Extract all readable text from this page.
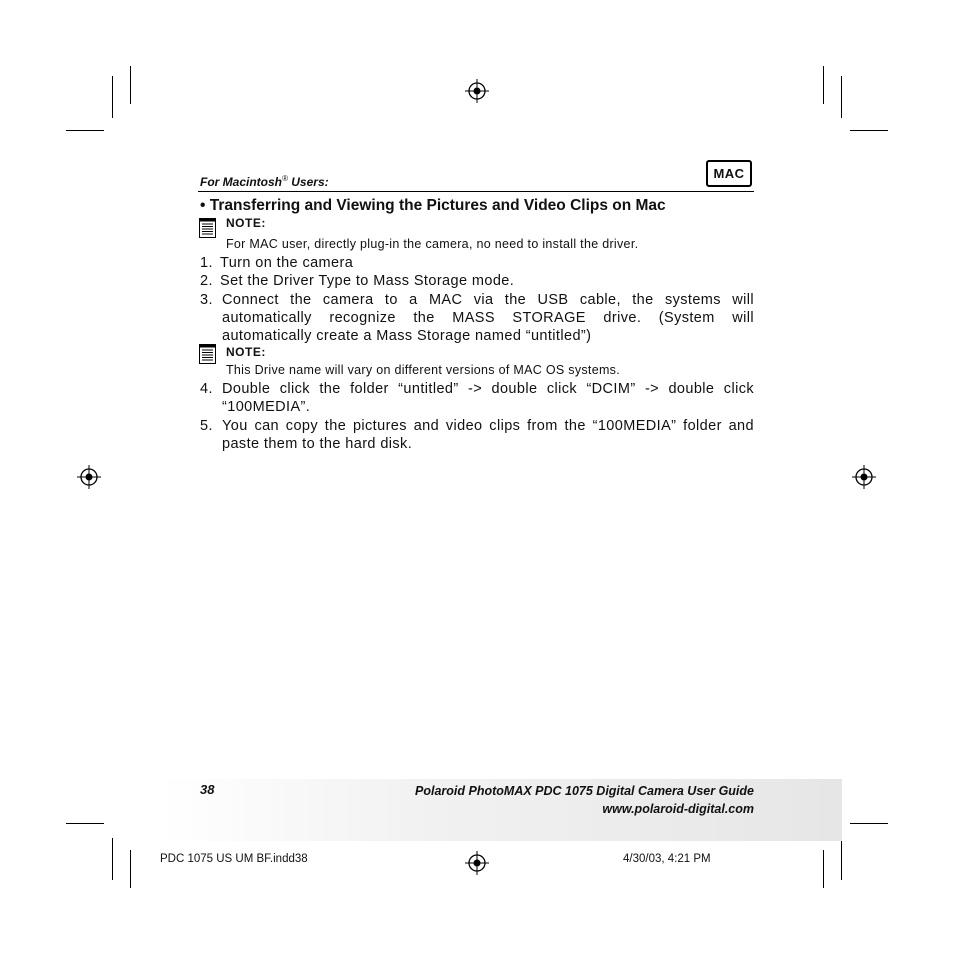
For Macintosh® Users:
MAC
• Transferring and Viewing the Pictures and Video Clips on Mac
NOTE:
For MAC user, directly plug-in the camera, no need to install the driver.
1. Turn on the camera
2. Set the Driver Type to Mass Storage mode.
3. Connect the camera to a MAC via the USB cable, the systems will automatically recognize the MASS STORAGE drive. (System will automatically create a Mass Storage named “untitled”)
NOTE:
This Drive name will vary on different versions of MAC OS systems.
4. Double click the folder “untitled” -> double click “DCIM” -> double click “100MEDIA”.
5. You can copy the pictures and video clips from the “100MEDIA” folder and paste them to the hard disk.
38	Polaroid PhotoMAX PDC 1075 Digital Camera User Guide
www.polaroid-digital.com
PDC 1075 US UM BF.indd38	4/30/03, 4:21 PM
